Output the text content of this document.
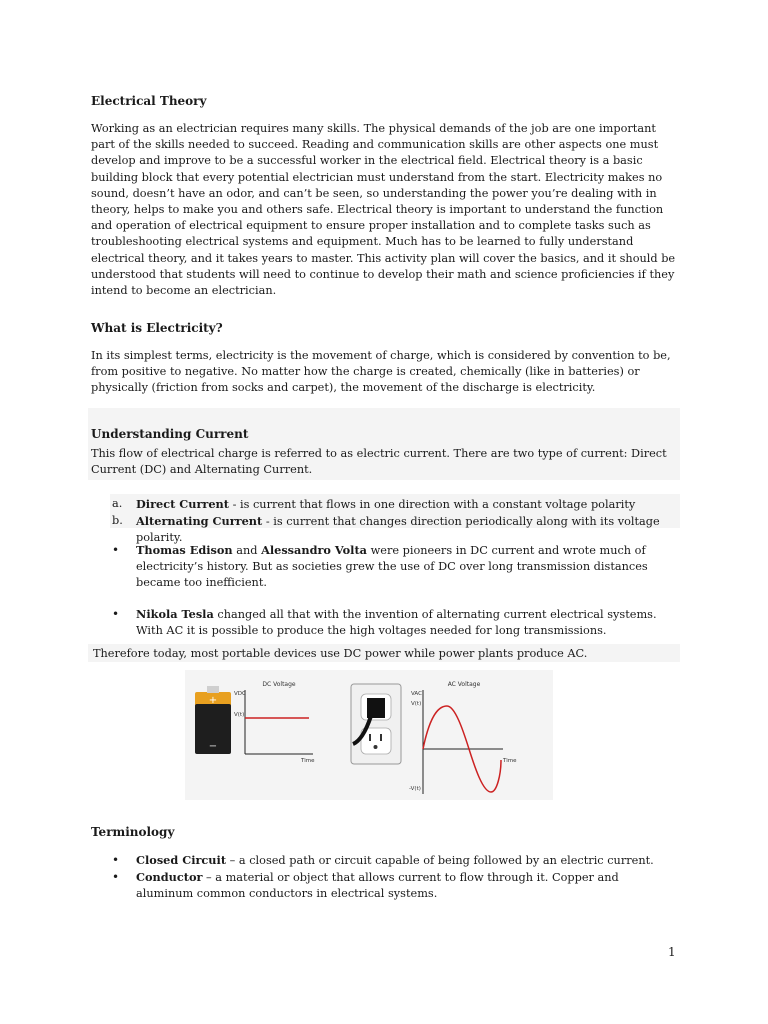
Electrical Theory

Working as an electrician requires many skills. The physical demands of the job are one important part of the skills needed to succeed. Reading and communication skills are other aspects one must develop and improve to be a successful worker in the electrical field. Electrical theory is a basic building block that every potential electrician must understand from the start. Electricity makes no sound, doesn’t have an odor, and can’t be seen, so understanding the power you’re dealing with in theory, helps to make you and others safe. Electrical theory is important to understand the function and operation of electrical equipment to ensure proper installation and to complete tasks such as troubleshooting electrical systems and equipment. Much has to be learned to fully understand electrical theory, and it takes years to master. This activity plan will cover the basics, and it should be understood that students will need to continue to develop their math and science proficiencies if they intend to become an electrician.

What is Electricity?

In its simplest terms, electricity is the movement of charge, which is considered by convention to be, from positive to negative. No matter how the charge is created, chemically (like in batteries) or physically (friction from socks and carpet), the movement of the discharge is electricity.

Understanding Current

This flow of electrical charge is referred to as electric current. There are two type of current: Direct Current (DC) and Alternating Current.

a. Direct Current - is current that flows in one direction with a constant voltage polarity
b. Alternating Current - is current that changes direction periodically along with its voltage polarity.
• Thomas Edison and Alessandro Volta were pioneers in DC current and wrote much of electricity’s history. But as societies grew the use of DC over long transmission distances became too inefficient.
• Nikola Tesla changed all that with the invention of alternating current electrical systems. With AC it is possible to produce the high voltages needed for long transmissions.

Therefore today, most portable devices use DC power while power plants produce AC.

+
−
DC Voltage
VDC
V(t)
Time
AC Voltage
VAC
V(t)
-V(t)
Time
Terminology
• Closed Circuit – a closed path or circuit capable of being followed by an electric current.
• Conductor – a material or object that allows current to flow through it. Copper and aluminum common conductors in electrical systems.
1
